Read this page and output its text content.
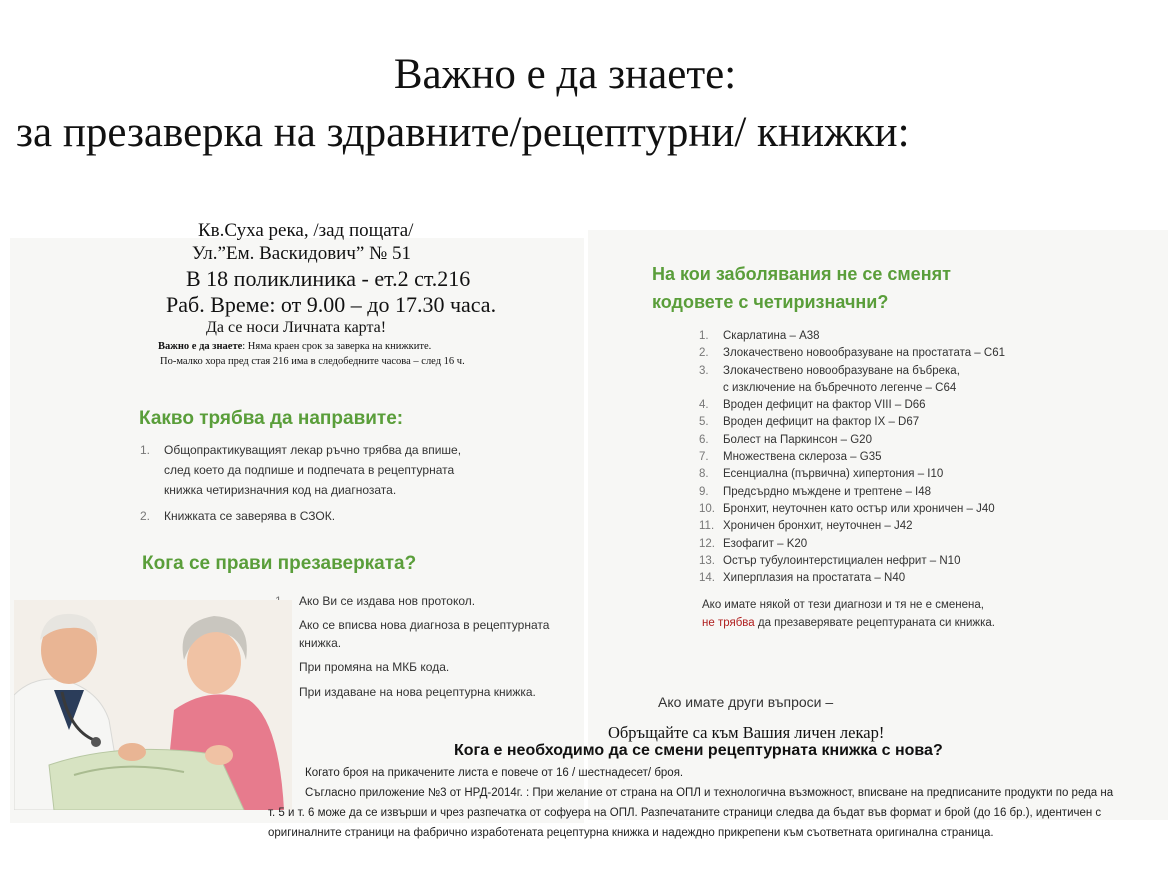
Важно е да знаете:
за презаверка на здравните/рецептурни/ книжки:
Кв.Суха река, /зад пощата/
Ул.”Ем. Васкидович” № 51
В 18 поликлиника - ет.2 ст.216
Раб. Време: от 9.00 – до 17.30 часа.
Да се носи Личната карта!
Важно е да знаете: Няма краен срок за заверка на книжките.
По-малко хора пред стая 216 има в следобедните часова – след 16 ч.
Какво трябва да направите:
1. Общопрактикуващият лекар ръчно трябва да впише,
след което да подпише и подпечата в рецептурната
книжка четиризначния код на диагнозата.
2. Книжката се заверява в СЗОК.
Кога се прави презаверката?
Ако Ви се издава нов протокол.
Ако се вписва нова диагноза в рецептурната
книжка.
При промяна на МКБ кода.
При издаване на нова рецептурна книжка.
На кои заболявания не се сменят
кодовете с четиризначни?
1. Скарлатина – А38
2. Злокачествено новообразуване на простатата – С61
3. Злокачествено новообразуване на бъбрека,
с изключение на бъбречното легенче – С64
4. Вроден дефицит на фактор VIII – D66
5. Вроден дефицит на фактор IX – D67
6. Болест на Паркинсон – G20
7. Множествена склероза – G35
8. Есенциална (първична) хипертония – I10
9. Предсърдно мъждене и трептене – I48
10. Бронхит, неуточнен като остър или хроничен – J40
11. Хроничен бронхит, неуточнен – J42
12. Езофагит – K20
13. Остър тубулоинтерстициален нефрит – N10
14. Хиперплазия на простатата – N40
Ако имате някой от тези диагнози и тя не е сменена,
не трябва да презаверявате рецептураната си книжка.
Ако имате други въпроси –
Обръщайте са към Вашия личен лекар!
Кога е необходимо да се смени рецептурната книжка с нова?
Когато броя на прикачените листа е повече от 16 / шестнадесет/ броя.
Съгласно приложение №3 от НРД-2014г. : При желание от страна на ОПЛ и технологична възможност, вписване на предписаните продукти по реда на
т. 5 и т. 6 може да се извърши и чрез разпечатка от софуера на ОПЛ. Разпечатаните страници следва да бъдат във формат и брой (до 16 бр.), идентичен с
оригиналните страници на фабрично изработената рецептурна книжка и надеждно прикрепени към съответната оригинална страница.
